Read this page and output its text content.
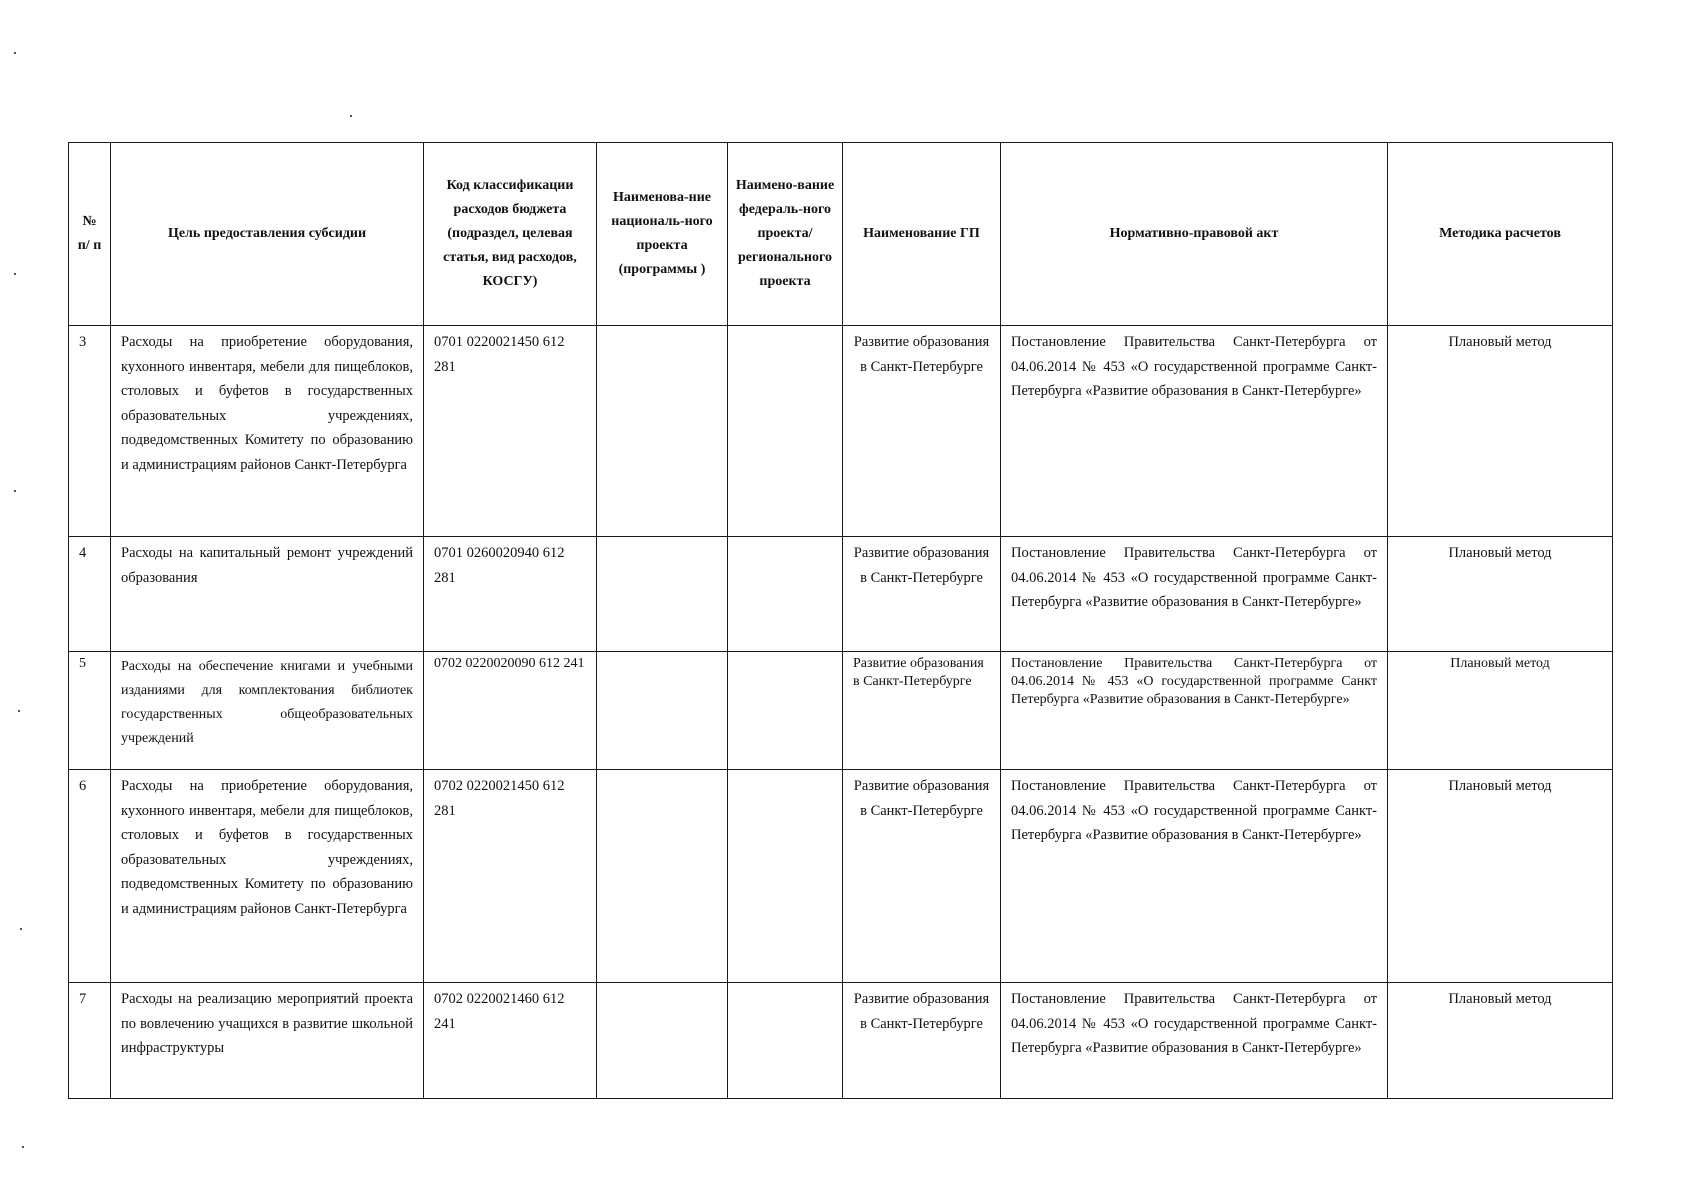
№ п/ п	Цель предоставления субсидии	Код классификации расходов бюджета (подраздел, целевая статья, вид расходов, КОСГУ)	Наименова-ние националь-ного проекта (программы )	Наимено-вание федераль-ного проекта/ регионального проекта	Наименование ГП	Нормативно-правовой акт	Методика расчетов
3	Расходы на приобретение оборудования, кухонного инвентаря, мебели для пищеблоков, столовых и буфетов в государственных образовательных учреждениях, подведомственных Комитету по образованию и администрациям районов Санкт-Петербурга	0701 0220021450 612 281			Развитие образования в Санкт-Петербурге	Постановление Правительства Санкт-Петербурга от 04.06.2014 № 453 «О государственной программе Санкт-Петербурга «Развитие образования в Санкт-Петербурге»	Плановый метод
4	Расходы на капитальный ремонт учреждений образования	0701 0260020940 612 281			Развитие образования в Санкт-Петербурге	Постановление Правительства Санкт-Петербурга от 04.06.2014 № 453 «О государственной программе Санкт-Петербурга «Развитие образования в Санкт-Петербурге»	Плановый метод
5	Расходы на обеспечение книгами и учебными изданиями для комплектования библиотек государственных общеобразовательных учреждений	0702 0220020090 612 241			Развитие образования в Санкт-Петербурге	Постановление Правительства Санкт-Петербурга от 04.06.2014 № 453 «О государственной программе Санкт Петербурга «Развитие образования в Санкт-Петербурге»	Плановый метод
6	Расходы на приобретение оборудования, кухонного инвентаря, мебели для пищеблоков, столовых и буфетов в государственных образовательных учреждениях, подведомственных Комитету по образованию и администрациям районов Санкт-Петербурга	0702 0220021450 612 281			Развитие образования в Санкт-Петербурге	Постановление Правительства Санкт-Петербурга от 04.06.2014 № 453 «О государственной программе Санкт-Петербурга «Развитие образования в Санкт-Петербурге»	Плановый метод
7	Расходы на реализацию мероприятий проекта по вовлечению учащихся в развитие школьной инфраструктуры	0702 0220021460 612 241			Развитие образования в Санкт-Петербурге	Постановление Правительства Санкт-Петербурга от 04.06.2014 № 453 «О государственной программе Санкт-Петербурга «Развитие образования в Санкт-Петербурге»	Плановый метод
